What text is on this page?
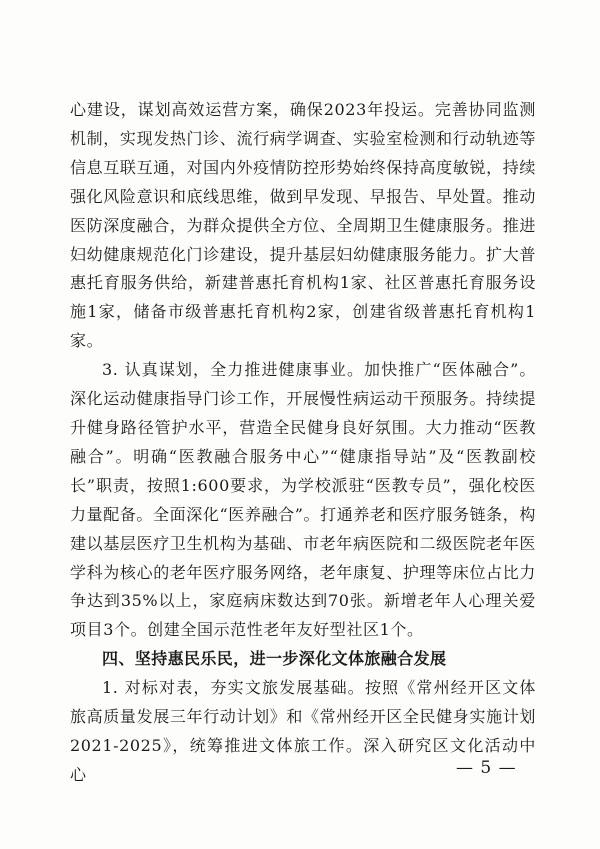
心建设，谋划高效运营方案，确保2023年投运。完善协同监测机制，实现发热门诊、流行病学调查、实验室检测和行动轨迹等信息互联互通，对国内外疫情防控形势始终保持高度敏锐，持续强化风险意识和底线思维，做到早发现、早报告、早处置。推动医防深度融合，为群众提供全方位、全周期卫生健康服务。推进妇幼健康规范化门诊建设，提升基层妇幼健康服务能力。扩大普惠托育服务供给，新建普惠托育机构1家、社区普惠托育服务设施1家，储备市级普惠托育机构2家，创建省级普惠托育机构1家。

3. 认真谋划，全力推进健康事业。加快推广“医体融合”。深化运动健康指导门诊工作，开展慢性病运动干预服务。持续提升健身路径管护水平，营造全民健身良好氛围。大力推动“医教融合”。明确“医教融合服务中心”“健康指导站”及“医教副校长”职责，按照1:600要求，为学校派驻“医教专员”，强化校医力量配备。全面深化“医养融合”。打通养老和医疗服务链条，构建以基层医疗卫生机构为基础、市老年病医院和二级医院老年医学科为核心的老年医疗服务网络，老年康复、护理等床位占比力争达到35%以上，家庭病床数达到70张。新增老年人心理关爱项目3个。创建全国示范性老年友好型社区1个。

四、坚持惠民乐民，进一步深化文体旅融合发展

1. 对标对表，夯实文旅发展基础。按照《常州经开区文体旅高质量发展三年行动计划》和《常州经开区全民健身实施计划2021-2025》，统筹推进文体旅工作。深入研究区文化活动中心	— 5 —
